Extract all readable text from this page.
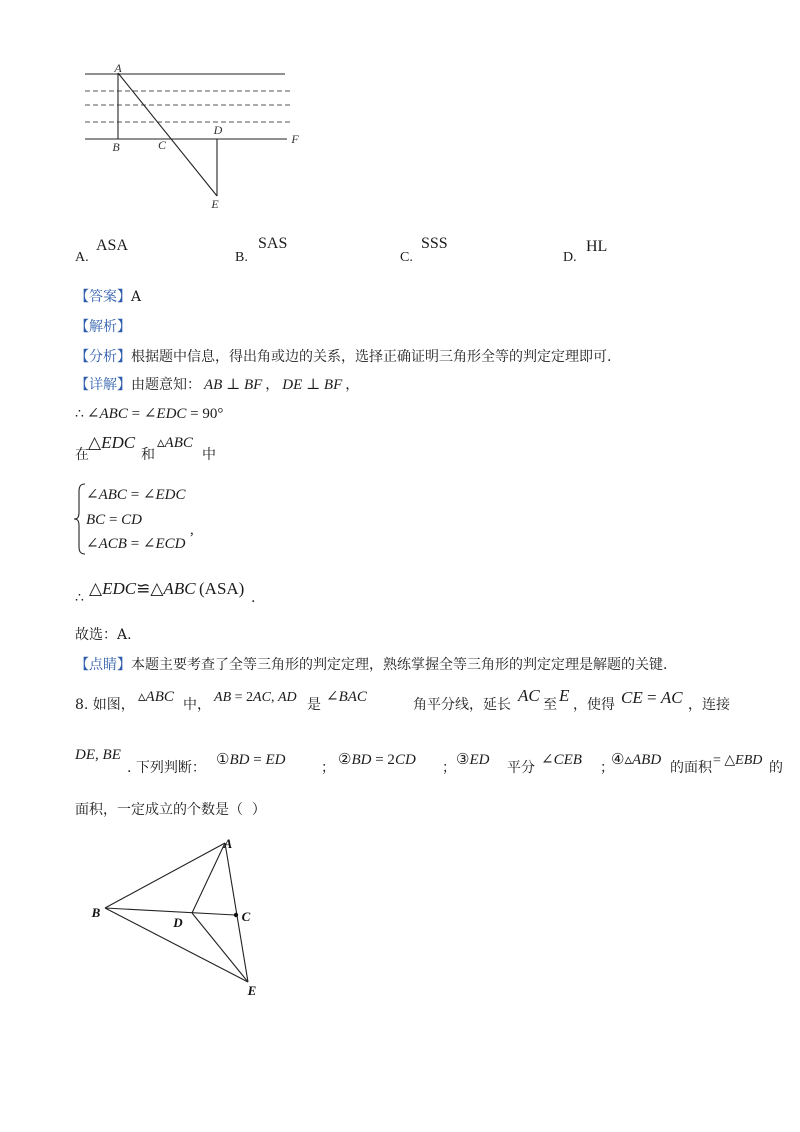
A
B	C
D
E
F
A.
ASA
B.
SAS
C.
SSS
D.
HL
【答案】A
【解析】
【分析】根据题中信息，得出角或边的关系，选择正确证明三角形全等的判定定理即可.
【详解】由题意知： AB ⊥ BF ， DE ⊥ BF ，
∴ ∠ABC = ∠EDC = 90°
在
△EDC
和
▵ABC
中
∠ABC = ∠EDC
BC = CD
∠ACB = ∠ECD
,
∴ △EDC≌△ABC (ASA) .
故选：A.
【点睛】本题主要考查了全等三角形的判定定理，熟练掌握全等三角形的判定定理是解题的关键.
8. 如图， ▵ABC 中， AB = 2AC, AD 是 ∠BAC	角平分线，延长 AC 至 E ，使得 CE = AC ，连接
DE, BE
. 下列判断： ①BD = ED	； ②BD = 2CD ； ③ED 平分 ∠CEB ；
④▵ABD 的面积 = △EBD 的
面积，一定成立的个数是（  ）
A
B
D	C
E
